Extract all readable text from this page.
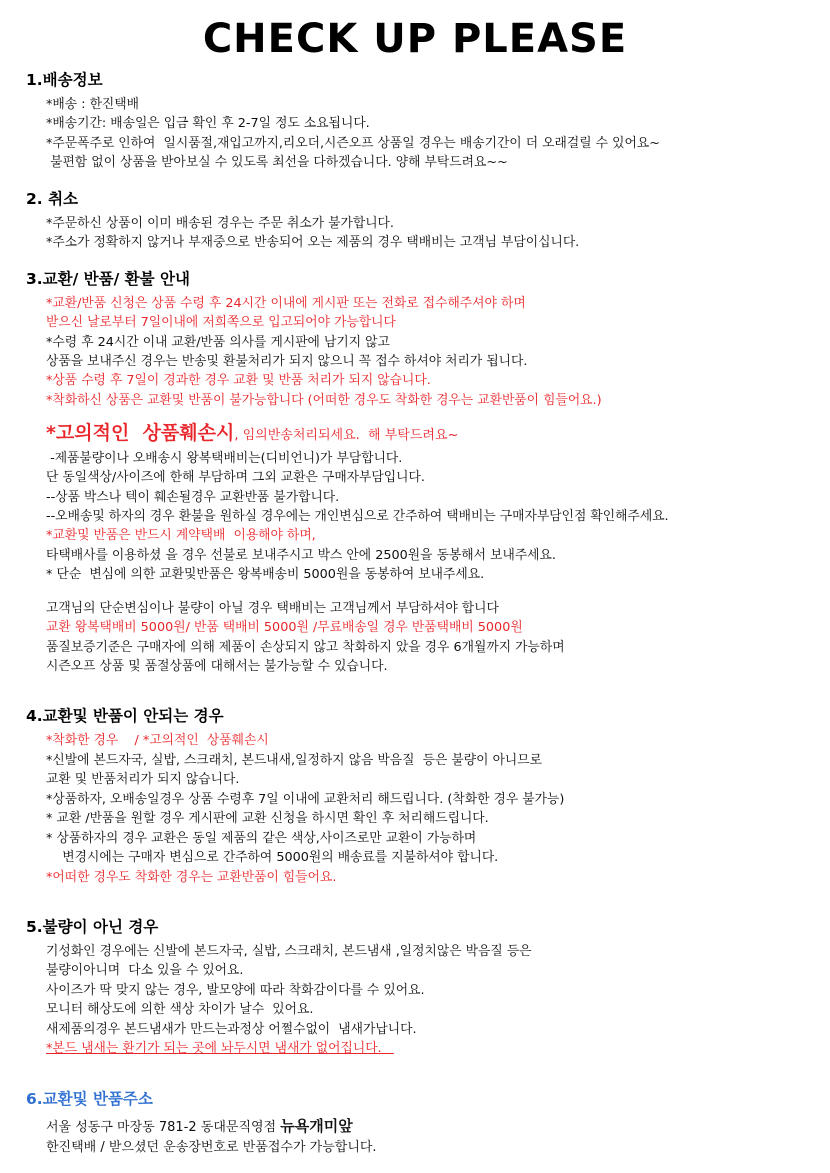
CHECK UP PLEASE
1.배송정보
*배송 : 한진택배
*배송기간: 배송일은 입금 확인 후 2-7일 정도 소요됩니다.
*주문폭주로 인하여  일시품절,재입고까지,리오더,시즌오프 상품일 경우는 배송기간이 더 오래걸릴 수 있어요~
불편함 없이 상품을 받아보실 수 있도록 최선을 다하겠습니다. 양해 부탁드려요~~
2. 취소
*주문하신 상품이 이미 배송된 경우는 주문 취소가 불가합니다.
*주소가 정확하지 않거나 부재중으로 반송되어 오는 제품의 경우 택배비는 고객님 부담이십니다.
3.교환/ 반품/ 환불 안내
*교환/반품 신청은 상품 수령 후 24시간 이내에 게시판 또는 전화로 접수해주셔야 하며
받으신 날로부터 7일이내에 저희쪽으로 입고되어야 가능합니다
*수령 후 24시간 이내 교환/반품 의사를 게시판에 남기지 않고
상품을 보내주신 경우는 반송및 환불처리가 되지 않으니 꼭 접수 하셔야 처리가 됩니다.
*상품 수령 후 7일이 경과한 경우 교환 및 반품 처리가 되지 않습니다.
*착화하신 상품은 교환및 반품이 불가능합니다 (어떠한 경우도 착화한 경우는 교환반품이 힘들어요.)
*고의적인  상품훼손시, 임의반송처리되세요.  해 부탁드려요~
-제품불량이나 오배송시 왕복택배비는(디비언니)가 부담합니다.
단 동일색상/사이즈에 한해 부담하며 그외 교환은 구매자부담입니다.
--상품 박스나 텍이 훼손될경우 교환반품 불가합니다.
--오배송및 하자의 경우 환불을 원하실 경우에는 개인변심으로 간주하여 택배비는 구매자부담인점 확인해주세요.
*교환및 반품은 반드시 계약택배  이용해야 하며,
타택배사를 이용하셨 을 경우 선불로 보내주시고 박스 안에 2500원을 동봉해서 보내주세요.
* 단순  변심에 의한 교환및반품은 왕복배송비 5000원을 동봉하여 보내주세요.
고객님의 단순변심이나 불량이 아닐 경우 택배비는 고객님께서 부담하셔야 합니다
교환 왕복택배비 5000원/ 반품 택배비 5000원 /무료배송일 경우 반품택배비 5000원
품질보증기준은 구매자에 의해 제품이 손상되지 않고 착화하지 았을 경우 6개월까지 가능하며
시즌오프 상품 및 품절상품에 대해서는 불가능할 수 있습니다.
4.교환및 반품이 안되는 경우
*착화한 경우    / *고의적인  상품훼손시
*신발에 본드자국, 실밥, 스크래치, 본드내새,일정하지 않음 박음질  등은 불량이 아니므로
교환 및 반품처리가 되지 않습니다.
*상품하자, 오배송일경우 상품 수령후 7일 이내에 교환처리 해드립니다. (착화한 경우 불가능)
* 교환 /반품을 원할 경우 게시판에 교환 신청을 하시면 확인 후 처리해드립니다.
* 상품하자의 경우 교환은 동일 제품의 같은 색상,사이즈로만 교환이 가능하며
변경시에는 구매자 변심으로 간주하여 5000원의 배송료를 지불하셔야 합니다.
*어떠한 경우도 착화한 경우는 교환반품이 힘들어요.
5.불량이 아닌 경우
기성화인 경우에는 신발에 본드자국, 실밥, 스크래치, 본드냄새 ,일정치않은 박음질 등은
불량이아니며  다소 있을 수 있어요.
사이즈가 딱 맞지 않는 경우, 발모양에 따라 착화감이다를 수 있어요.
모니터 해상도에 의한 색상 차이가 날수  있어요.
새제품의경우 본드냄새가 만드는과정상 어쩔수없이  냄새가납니다.
*본드 냄새는 환기가 되는 곳에 놔두시면 냄새가 없어집니다.
6.교환및 반품주소
서울 성동구 마장동 781-2 동대문직영점 뉴욕개미앞
한진택배 / 받으셨던 운송장번호로 반품접수가 가능합니다.
